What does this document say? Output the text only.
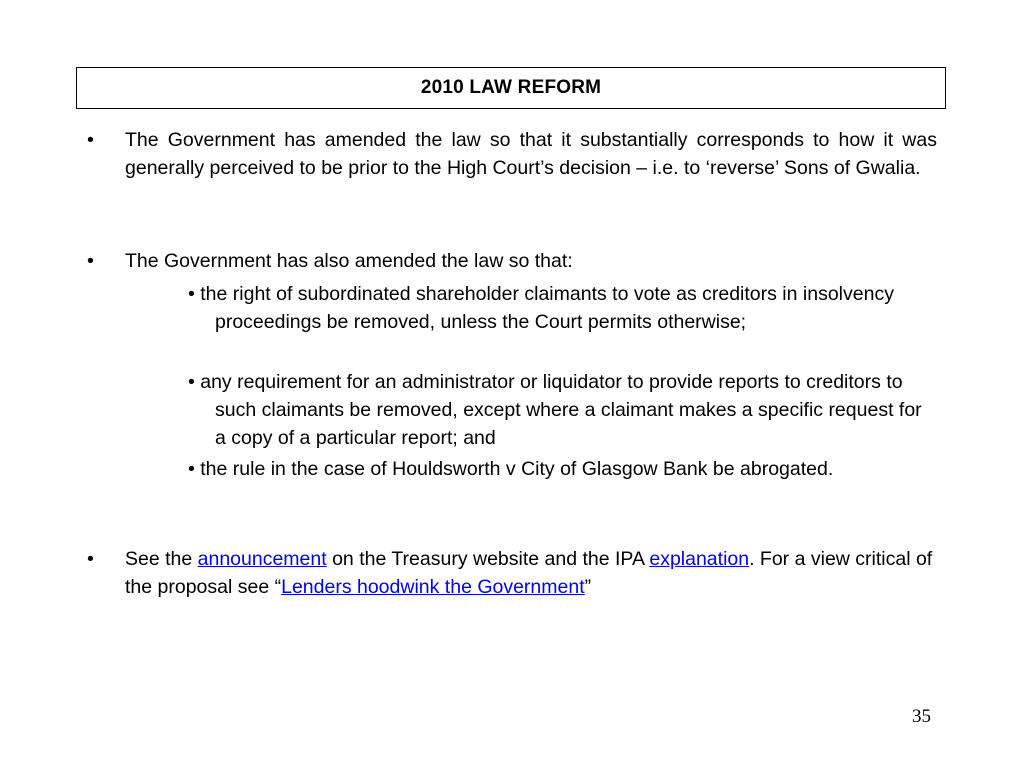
2010 LAW REFORM
• The Government has amended the law so that it substantially corresponds to how it was generally perceived to be prior to the High Court’s decision – i.e. to ‘reverse’ Sons of Gwalia.
• The Government has also amended the law so that:
• the right of subordinated shareholder claimants to vote as creditors in insolvency proceedings be removed, unless the Court permits otherwise;
• any requirement for an administrator or liquidator to provide reports to creditors to such claimants be removed, except where a claimant makes a specific request for a copy of a particular report; and
• the rule in the case of Houldsworth v City of Glasgow Bank be abrogated.
• See the announcement on the Treasury website and the IPA explanation. For a view critical of the proposal see “Lenders hoodwink the Government”
35
